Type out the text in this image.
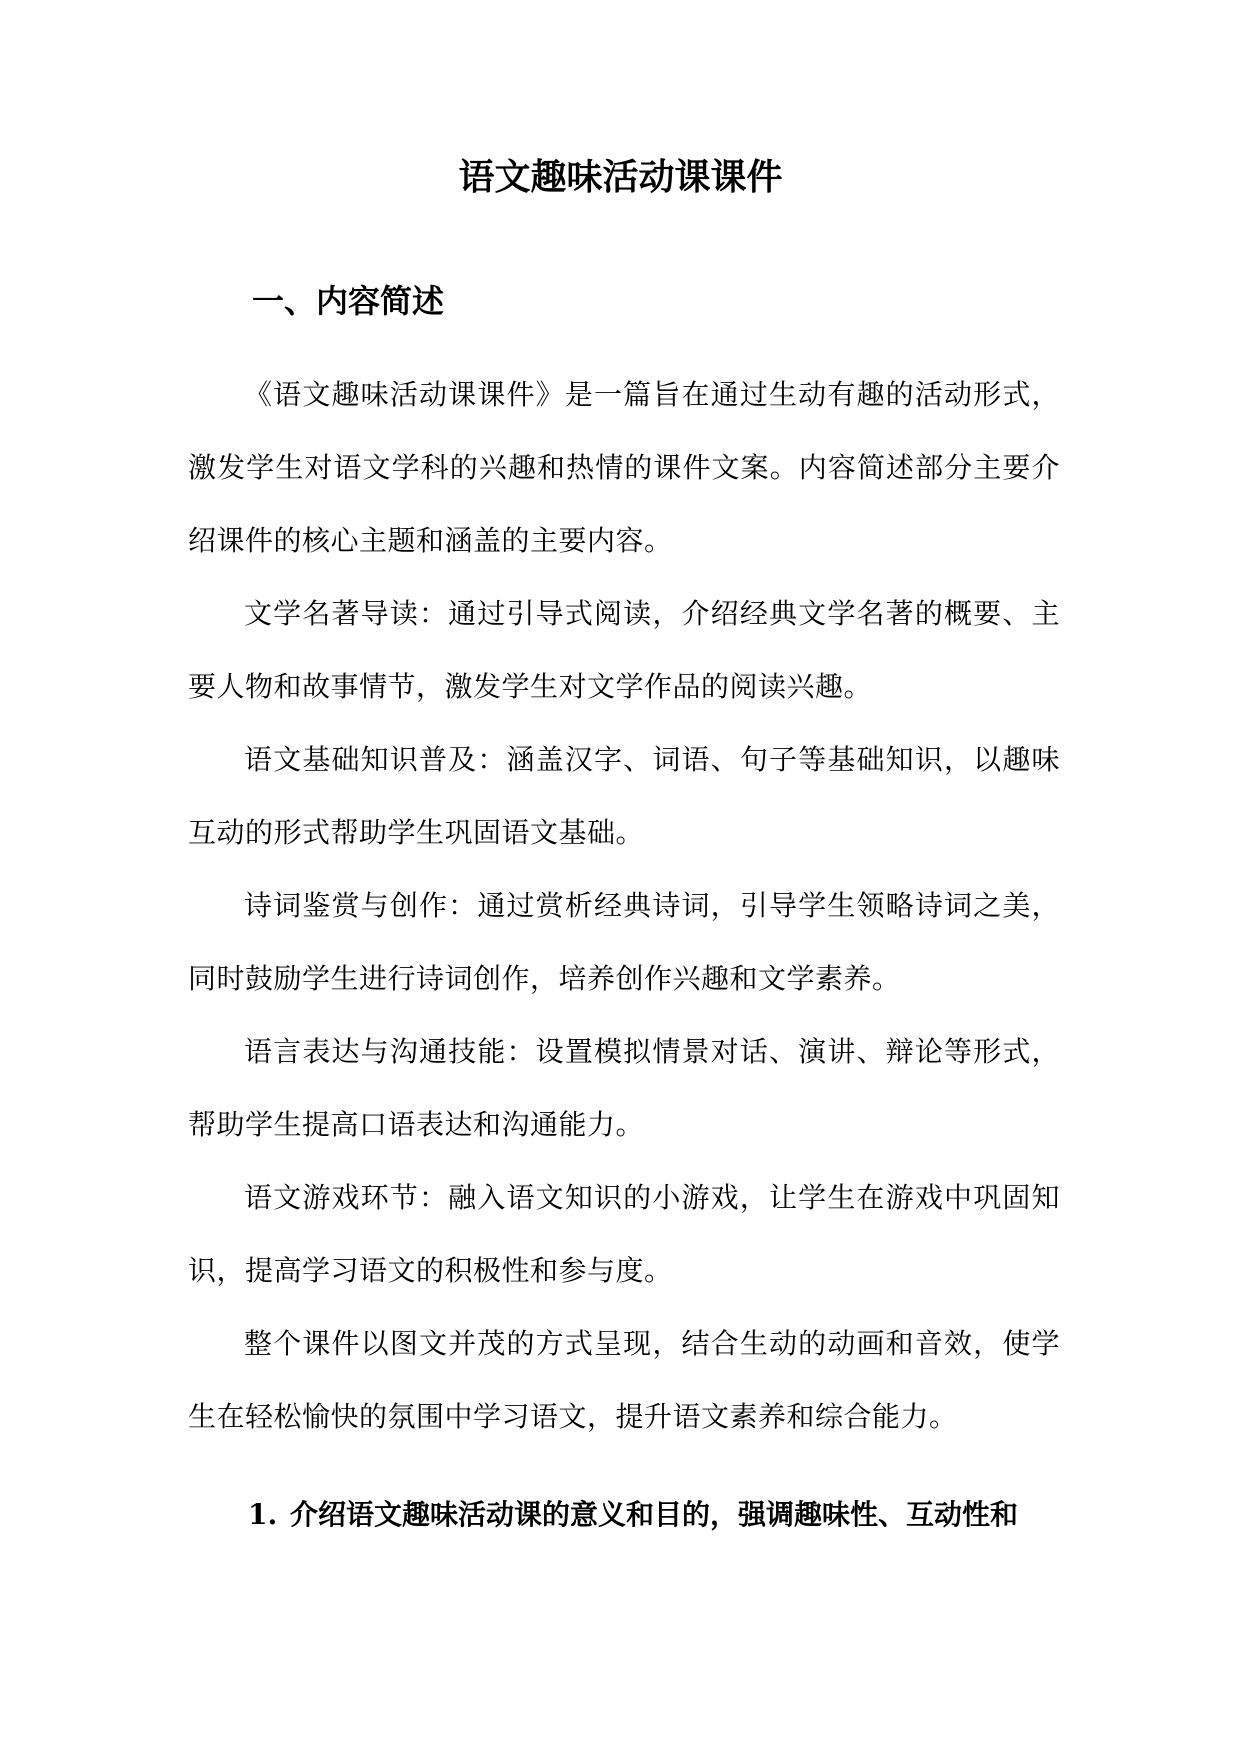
语文趣味活动课课件
一、内容简述

《语文趣味活动课课件》是一篇旨在通过生动有趣的活动形式，激发学生对语文学科的兴趣和热情的课件文案。内容简述部分主要介绍课件的核心主题和涵盖的主要内容。

文学名著导读：通过引导式阅读，介绍经典文学名著的概要、主要人物和故事情节，激发学生对文学作品的阅读兴趣。

语文基础知识普及：涵盖汉字、词语、句子等基础知识，以趣味互动的形式帮助学生巩固语文基础。

诗词鉴赏与创作：通过赏析经典诗词，引导学生领略诗词之美，同时鼓励学生进行诗词创作，培养创作兴趣和文学素养。

语言表达与沟通技能：设置模拟情景对话、演讲、辩论等形式，帮助学生提高口语表达和沟通能力。

语文游戏环节：融入语文知识的小游戏，让学生在游戏中巩固知识，提高学习语文的积极性和参与度。

整个课件以图文并茂的方式呈现，结合生动的动画和音效，使学生在轻松愉快的氛围中学习语文，提升语文素养和综合能力。

1. 介绍语文趣味活动课的意义和目的，强调趣味性、互动性和
